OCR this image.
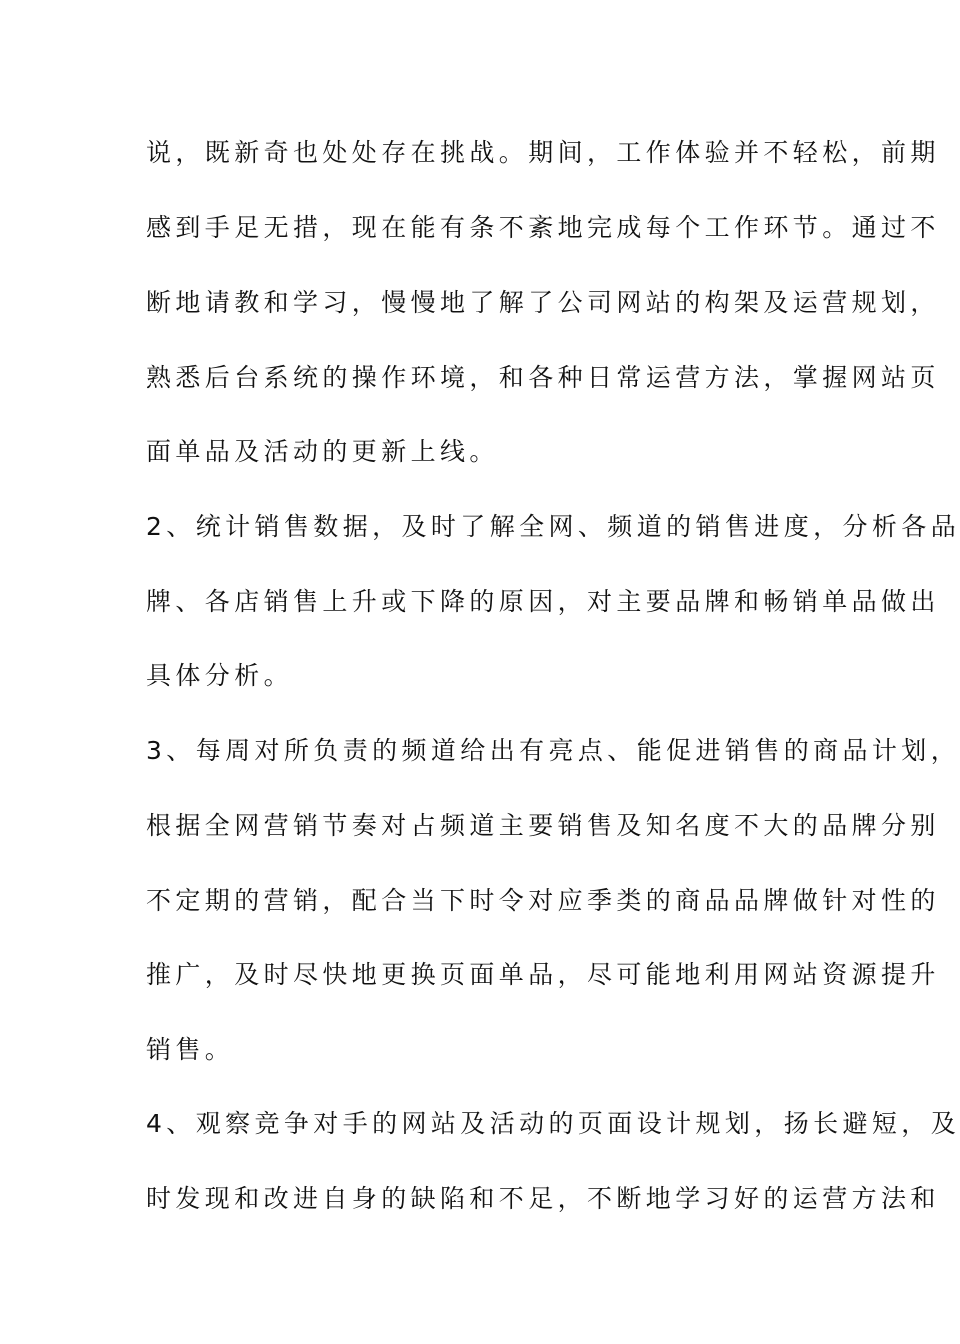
说，既新奇也处处存在挑战。期间，工作体验并不轻松，前期
感到手足无措，现在能有条不紊地完成每个工作环节。通过不
断地请教和学习，慢慢地了解了公司网站的构架及运营规划，
熟悉后台系统的操作环境，和各种日常运营方法，掌握网站页
面单品及活动的更新上线。
2、统计销售数据，及时了解全网、频道的销售进度，分析各品
牌、各店销售上升或下降的原因，对主要品牌和畅销单品做出
具体分析。
3、每周对所负责的频道给出有亮点、能促进销售的商品计划，
根据全网营销节奏对占频道主要销售及知名度不大的品牌分别
不定期的营销，配合当下时令对应季类的商品品牌做针对性的
推广，及时尽快地更换页面单品，尽可能地利用网站资源提升
销售。
4、观察竞争对手的网站及活动的页面设计规划，扬长避短，及
时发现和改进自身的缺陷和不足，不断地学习好的运营方法和
